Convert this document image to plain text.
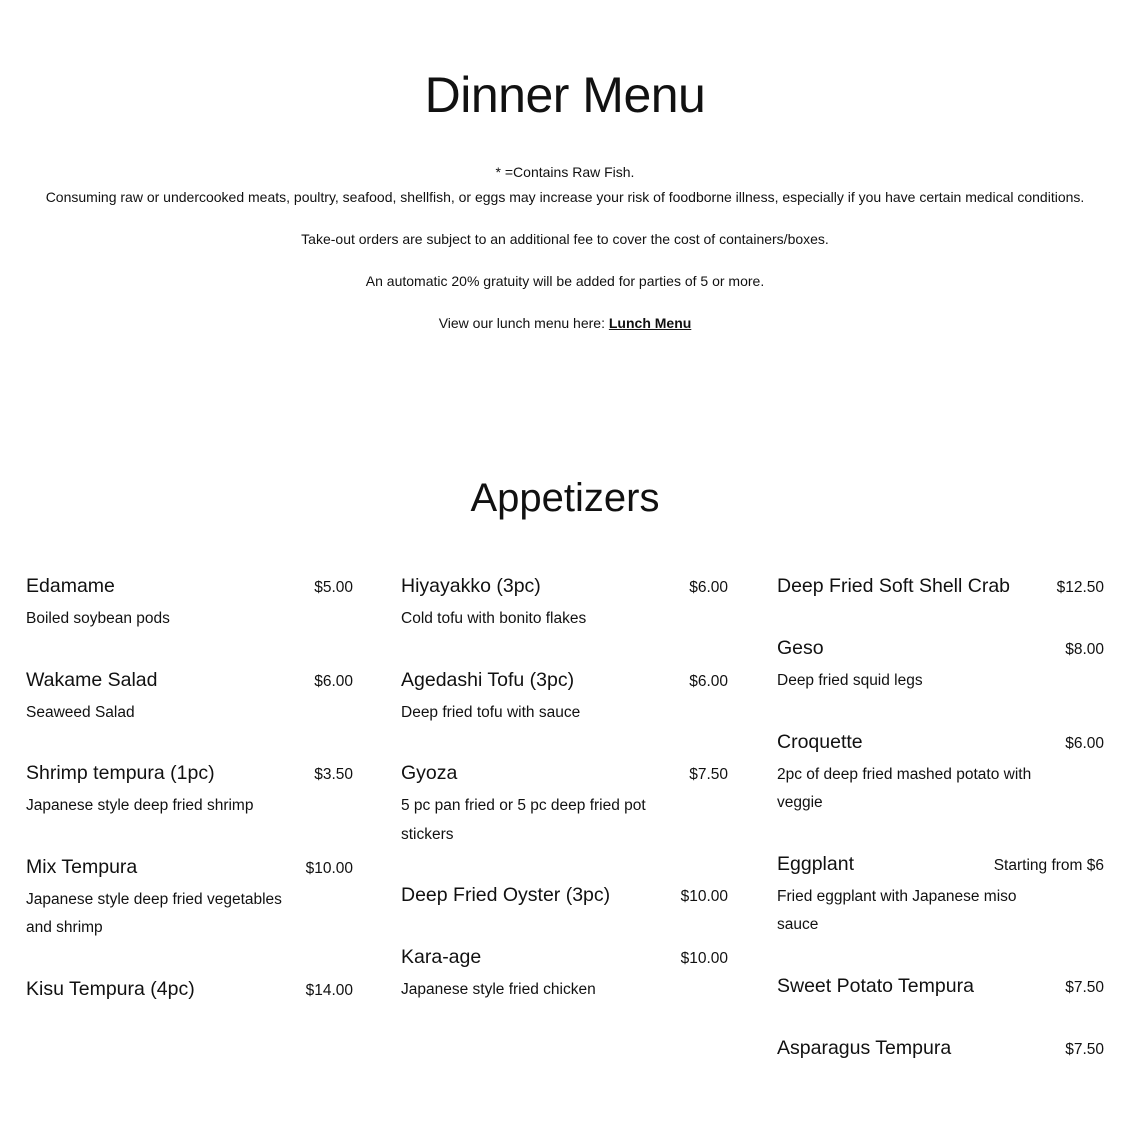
Dinner Menu

* =Contains Raw Fish.

Consuming raw or undercooked meats, poultry, seafood, shellfish, or eggs may increase your risk of foodborne illness, especially if you have certain medical conditions.

Take-out orders are subject to an additional fee to cover the cost of containers/boxes.

An automatic 20% gratuity will be added for parties of 5 or more.

View our lunch menu here: Lunch Menu

Appetizers
Edamame	$5.00
Boiled soybean pods
Wakame Salad	$6.00
Seaweed Salad
Shrimp tempura (1pc)	$3.50
Japanese style deep fried shrimp
Mix Tempura	$10.00
Japanese style deep fried vegetables and shrimp
Kisu Tempura (4pc)	$14.00
Hiyayakko (3pc)	$6.00
Cold tofu with bonito flakes
Agedashi Tofu (3pc)	$6.00
Deep fried tofu with sauce
Gyoza	$7.50
5 pc pan fried or 5 pc deep fried pot stickers
Deep Fried Oyster (3pc)	$10.00
Kara-age	$10.00
Japanese style fried chicken
Deep Fried Soft Shell Crab	$12.50
Geso	$8.00
Deep fried squid legs
Croquette	$6.00
2pc of deep fried mashed potato with veggie
Eggplant	Starting from $6
Fried eggplant with Japanese miso sauce
Sweet Potato Tempura	$7.50
Asparagus Tempura	$7.50
